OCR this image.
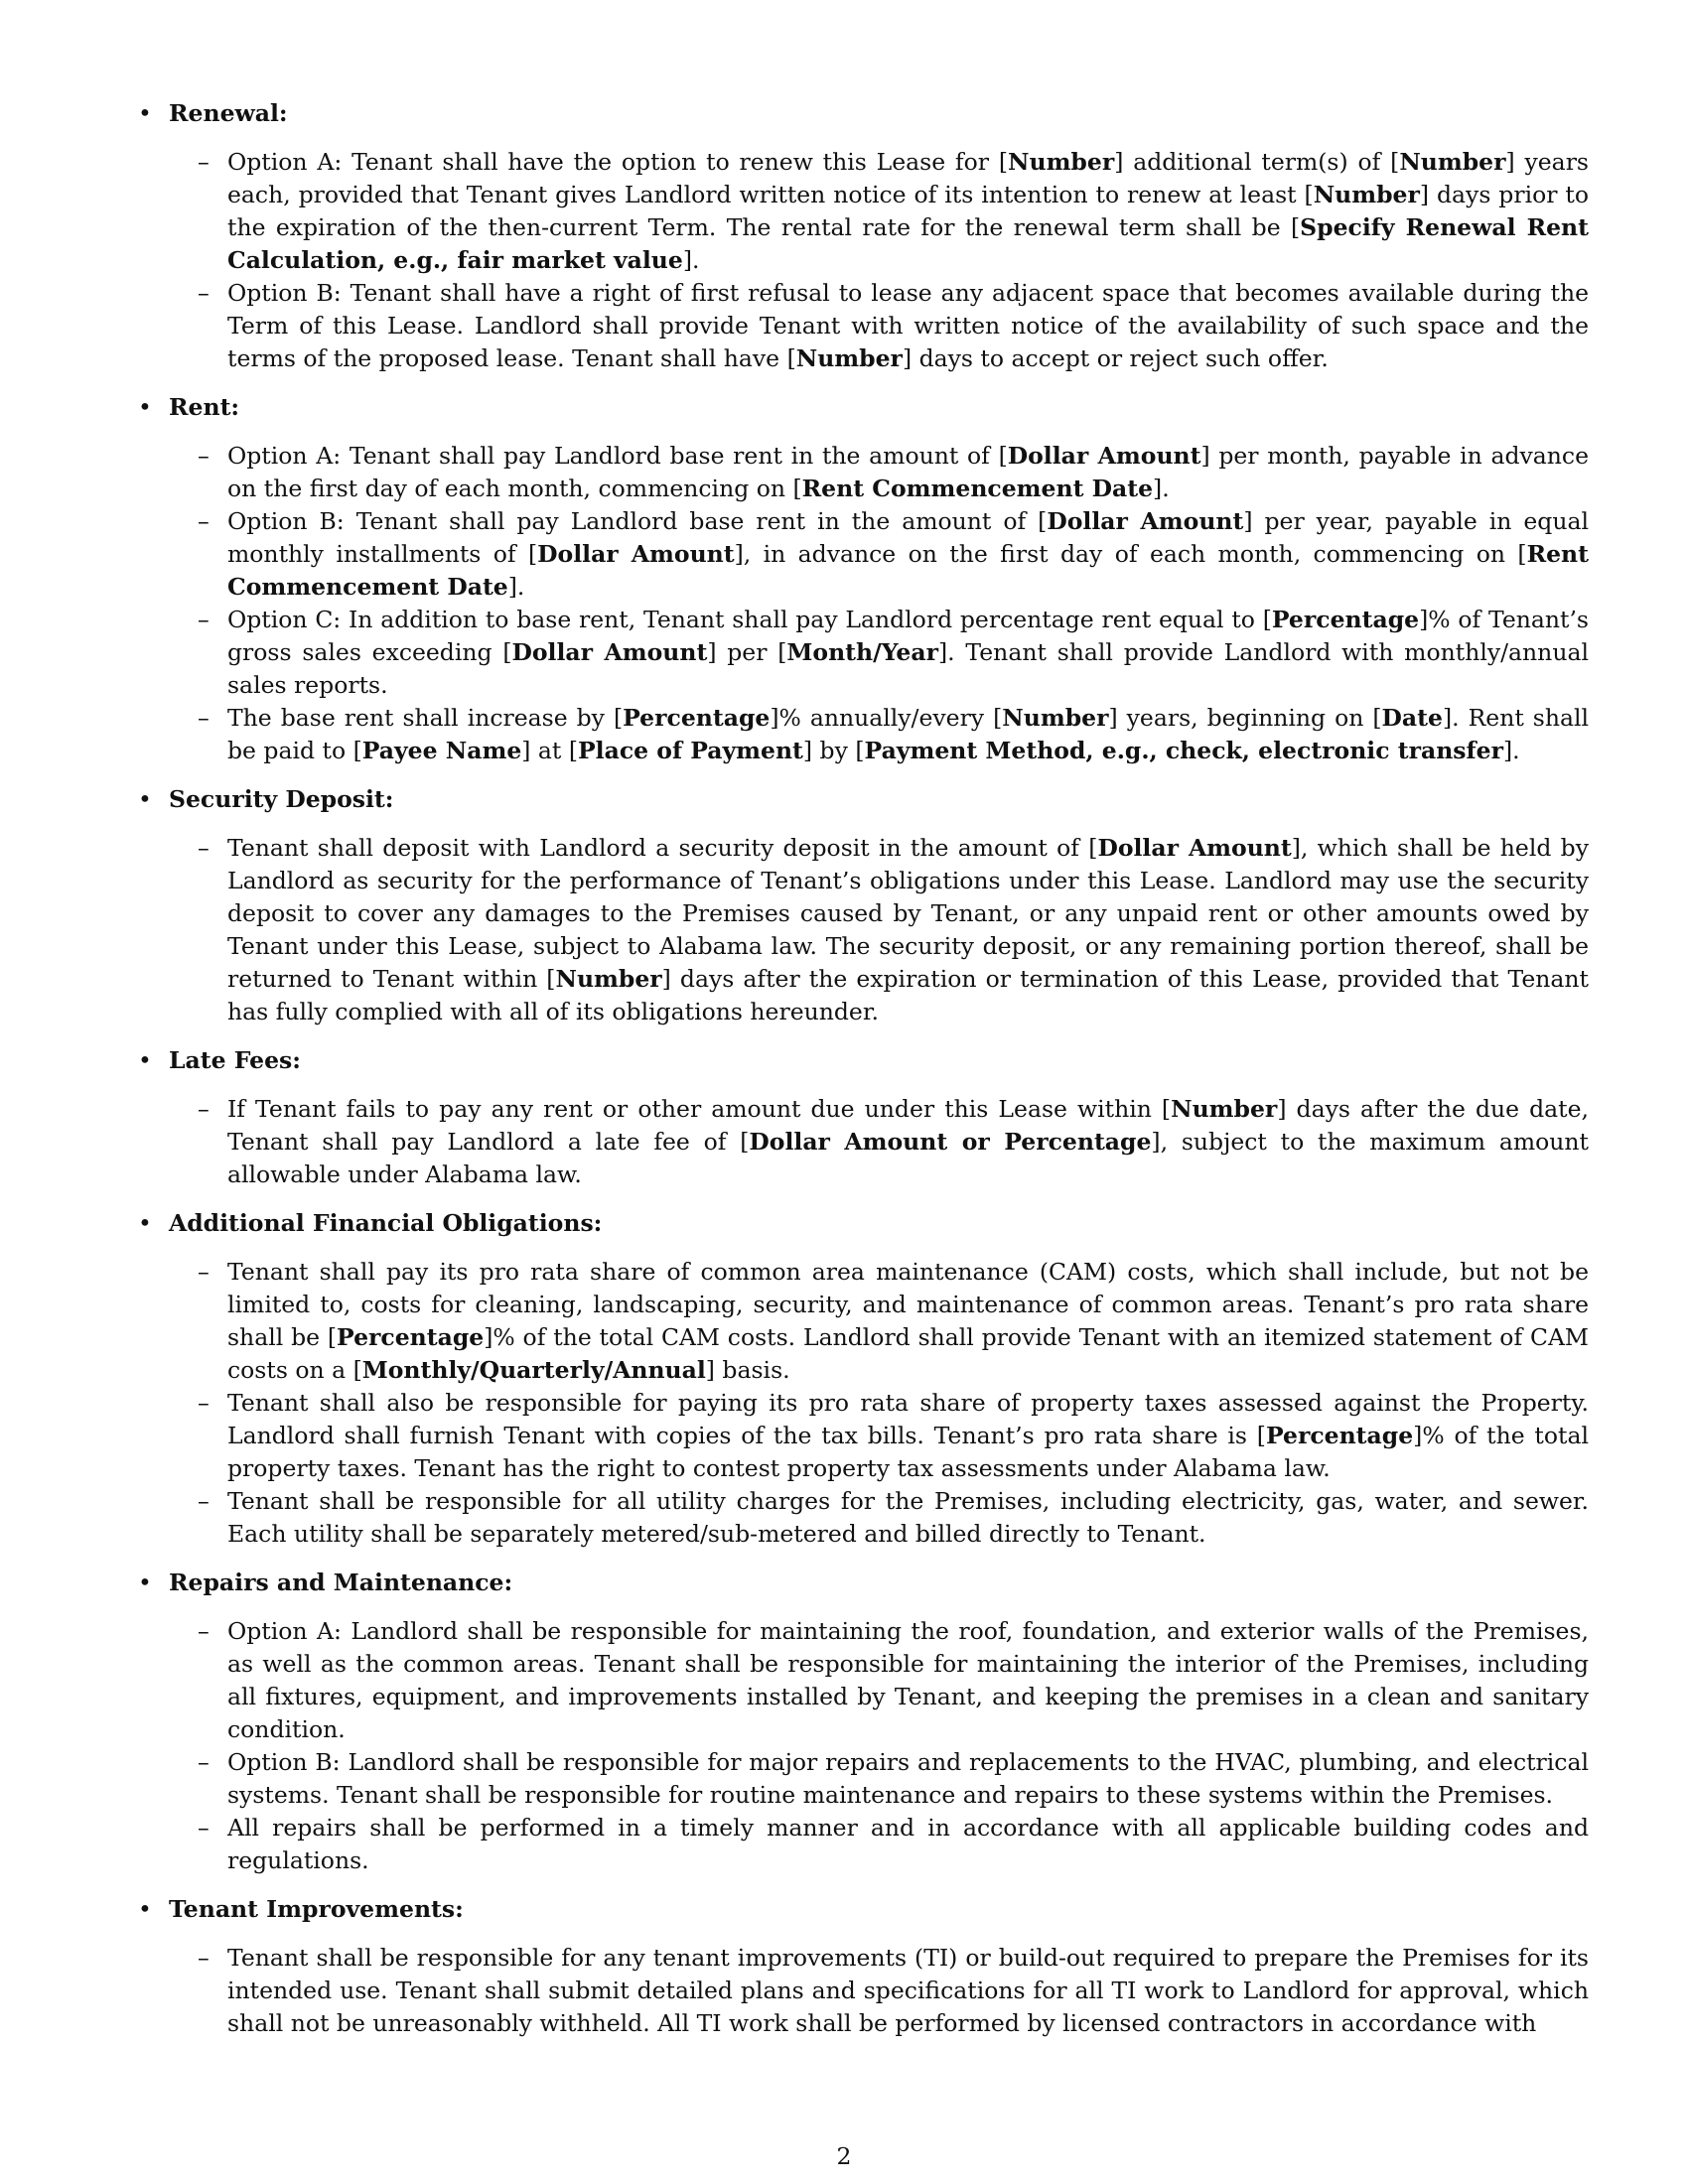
• Renewal:
– Option A: Tenant shall have the option to renew this Lease for [Number] additional term(s) of [Number] years each, provided that Tenant gives Landlord written notice of its intention to renew at least [Number] days prior to the expiration of the then-current Term. The rental rate for the renewal term shall be [Specify Renewal Rent Calculation, e.g., fair market value].
– Option B: Tenant shall have a right of first refusal to lease any adjacent space that becomes available during the Term of this Lease. Landlord shall provide Tenant with written notice of the availability of such space and the terms of the proposed lease. Tenant shall have [Number] days to accept or reject such offer.
• Rent:
– Option A: Tenant shall pay Landlord base rent in the amount of [Dollar Amount] per month, payable in advance on the first day of each month, commencing on [Rent Commencement Date].
– Option B: Tenant shall pay Landlord base rent in the amount of [Dollar Amount] per year, payable in equal monthly installments of [Dollar Amount], in advance on the first day of each month, commencing on [Rent Commencement Date].
– Option C: In addition to base rent, Tenant shall pay Landlord percentage rent equal to [Percentage]% of Tenant’s gross sales exceeding [Dollar Amount] per [Month/Year]. Tenant shall provide Landlord with monthly/annual sales reports.
– The base rent shall increase by [Percentage]% annually/every [Number] years, beginning on [Date]. Rent shall be paid to [Payee Name] at [Place of Payment] by [Payment Method, e.g., check, electronic transfer].
• Security Deposit:
– Tenant shall deposit with Landlord a security deposit in the amount of [Dollar Amount], which shall be held by Landlord as security for the performance of Tenant’s obligations under this Lease. Landlord may use the security deposit to cover any damages to the Premises caused by Tenant, or any unpaid rent or other amounts owed by Tenant under this Lease, subject to Alabama law. The security deposit, or any remaining portion thereof, shall be returned to Tenant within [Number] days after the expiration or termination of this Lease, provided that Tenant has fully complied with all of its obligations hereunder.
• Late Fees:
– If Tenant fails to pay any rent or other amount due under this Lease within [Number] days after the due date, Tenant shall pay Landlord a late fee of [Dollar Amount or Percentage], subject to the maximum amount allowable under Alabama law.
• Additional Financial Obligations:
– Tenant shall pay its pro rata share of common area maintenance (CAM) costs, which shall include, but not be limited to, costs for cleaning, landscaping, security, and maintenance of common areas. Tenant’s pro rata share shall be [Percentage]% of the total CAM costs. Landlord shall provide Tenant with an itemized statement of CAM costs on a [Monthly/Quarterly/Annual] basis.
– Tenant shall also be responsible for paying its pro rata share of property taxes assessed against the Property. Landlord shall furnish Tenant with copies of the tax bills. Tenant’s pro rata share is [Percentage]% of the total property taxes. Tenant has the right to contest property tax assessments under Alabama law.
– Tenant shall be responsible for all utility charges for the Premises, including electricity, gas, water, and sewer. Each utility shall be separately metered/sub-metered and billed directly to Tenant.
• Repairs and Maintenance:
– Option A: Landlord shall be responsible for maintaining the roof, foundation, and exterior walls of the Premises, as well as the common areas. Tenant shall be responsible for maintaining the interior of the Premises, including all fixtures, equipment, and improvements installed by Tenant, and keeping the premises in a clean and sanitary condition.
– Option B: Landlord shall be responsible for major repairs and replacements to the HVAC, plumbing, and electrical systems. Tenant shall be responsible for routine maintenance and repairs to these systems within the Premises.
– All repairs shall be performed in a timely manner and in accordance with all applicable building codes and regulations.
• Tenant Improvements:
– Tenant shall be responsible for any tenant improvements (TI) or build-out required to prepare the Premises for its intended use. Tenant shall submit detailed plans and specifications for all TI work to Landlord for approval, which shall not be unreasonably withheld. All TI work shall be performed by licensed contractors in accordance with
2
